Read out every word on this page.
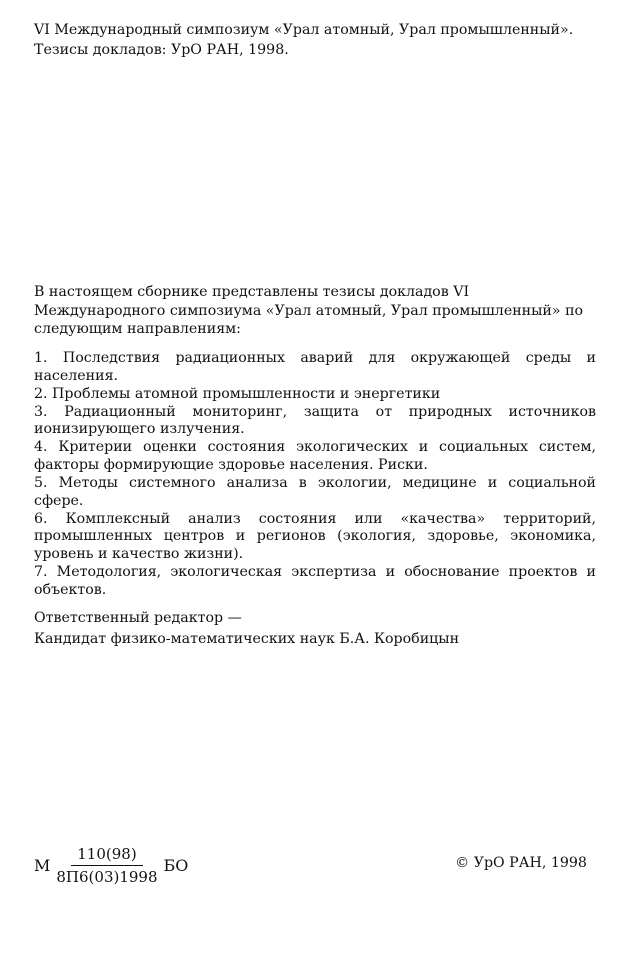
VI Международный симпозиум «Урал атомный, Урал промышленный».
Тезисы докладов: УрО РАН, 1998.
В настоящем сборнике представлены тезисы докладов VI Международного симпозиума «Урал атомный, Урал промышленный» по следующим направлениям:
1. Последствия радиационных аварий для окружающей среды и населения.
2. Проблемы атомной промышленности и энергетики
3. Радиационный мониторинг, защита от природных источников ионизирующего излучения.
4. Критерии оценки состояния экологических и социальных систем, факторы формирующие здоровье населения. Риски.
5. Методы системного анализа в экологии, медицине и социальной сфере.
6. Комплексный анализ состояния или «качества» территорий, промышленных центров и регионов (экология, здоровье, экономика, уровень и качество жизни).
7. Методология, экологическая экспертиза и обоснование проектов и объектов.
Ответственный редактор —
Кандидат физико-математических наук Б.А. Коробицын
М $\frac{110(98)}{8П6(03)1998}$ БО	© УрО РАН, 1998
